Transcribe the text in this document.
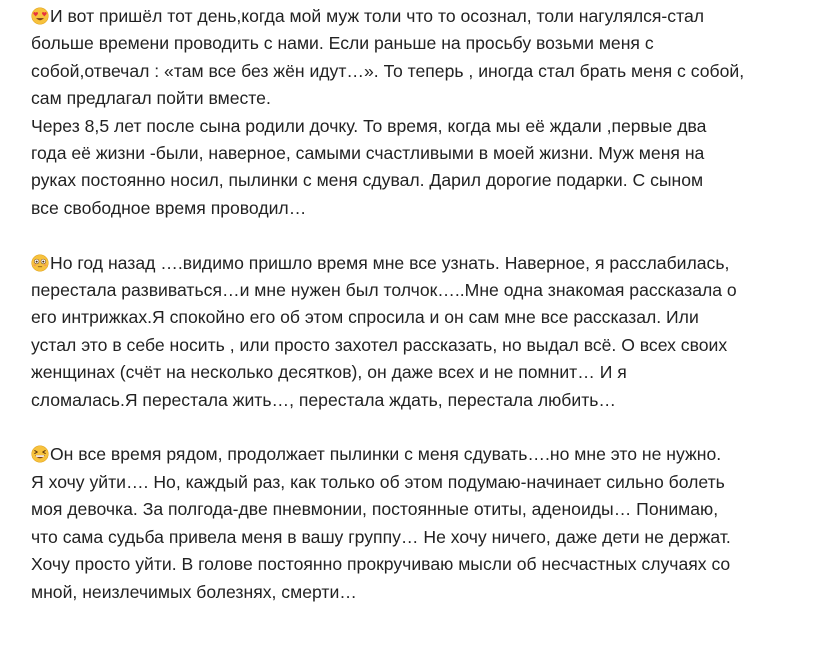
И вот пришёл тот день,когда мой муж толи что то осознал, толи нагулялся-стал
больше времени проводить с нами. Если раньше на просьбу возьми меня с
собой,отвечал : «там все без жён идут…». То теперь , иногда стал брать меня с собой,
сам предлагал пойти вместе.
Через 8,5 лет после сына родили дочку. То время, когда мы её ждали ,первые два
года её жизни -были, наверное, самыми счастливыми в моей жизни. Муж меня на
руках постоянно носил, пылинки с меня сдувал. Дарил дорогие подарки. С сыном
все свободное время проводил…
Но год назад ….видимо пришло время мне все узнать. Наверное, я расслабилась,
перестала развиваться…и мне нужен был толчок…..Мне одна знакомая рассказала о
его интрижках.Я спокойно его об этом спросила и он сам мне все рассказал. Или
устал это в себе носить , или просто захотел рассказать, но выдал всё. О всех своих
женщинах (счёт на несколько десятков), он даже всех и не помнит… И я
сломалась.Я перестала жить…, перестала ждать, перестала любить…
Он все время рядом, продолжает пылинки с меня сдувать….но мне это не нужно.
Я хочу уйти…. Но, каждый раз, как только об этом подумаю-начинает сильно болеть
моя девочка. За полгода-две пневмонии, постоянные отиты, аденоиды… Понимаю,
что сама судьба привела меня в вашу группу… Не хочу ничего, даже дети не держат.
Хочу просто уйти. В голове постоянно прокручиваю мысли об несчастных случаях со
мной, неизлечимых болезнях, смерти…
